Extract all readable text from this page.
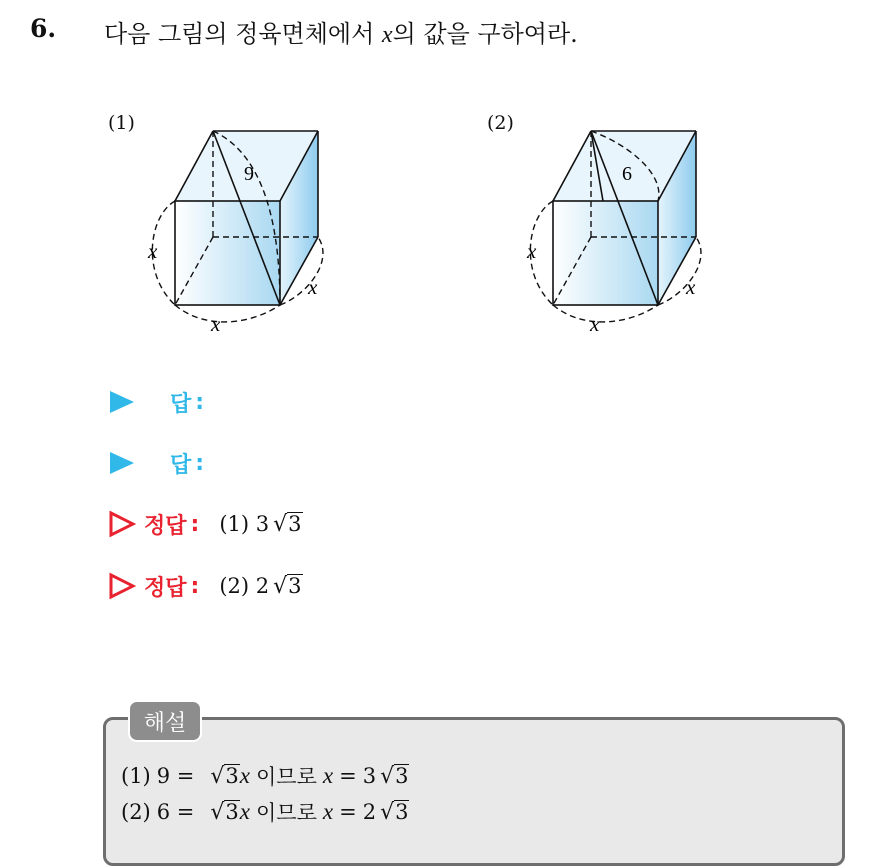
6. 다음 그림의 정육면체에서 x의 값을 구하여라.
(1)
9
x
x
x
(2)
6
x
x
x
답 :
답 :
정답 : (1)
3 √ 3
정답 : (2)
2 √ 3
해설
(1) 9 = √ 3 x 이므로 x = 3 √ 3
(2) 6 = √ 3 x 이므로 x = 2 √ 3
